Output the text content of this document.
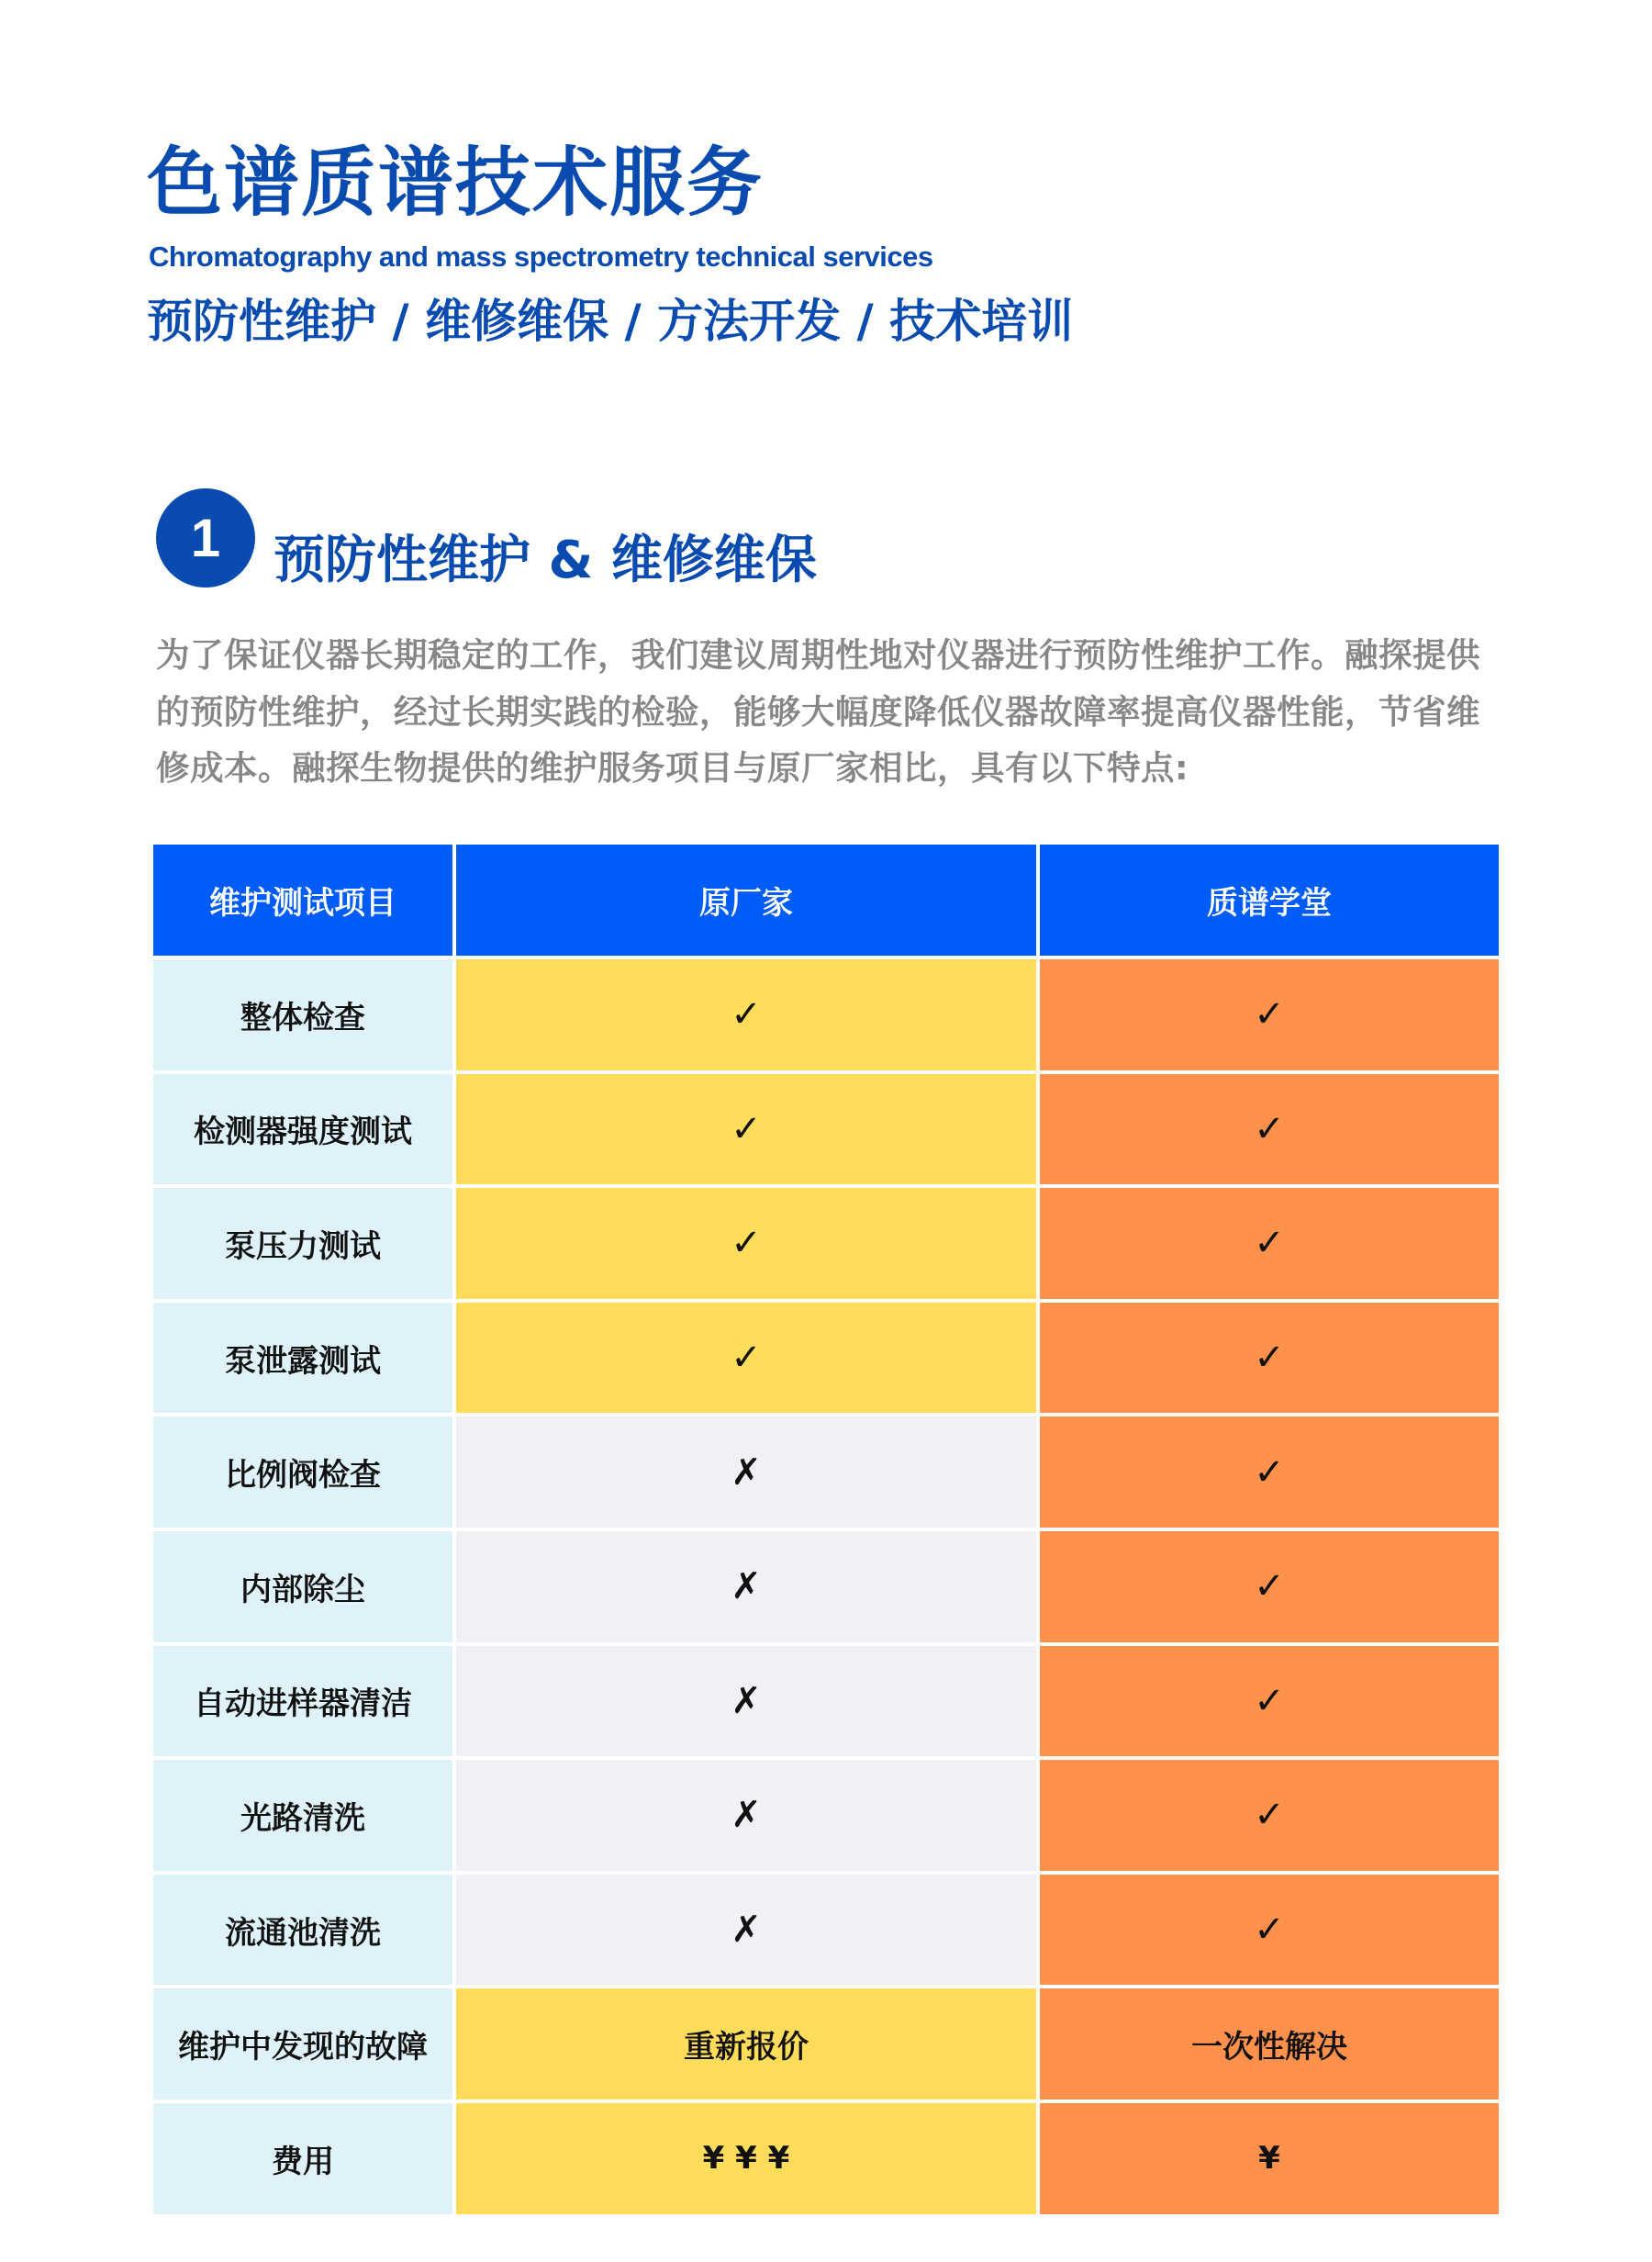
色谱质谱技术服务
Chromatography and mass spectrometry technical services
预防性维护 / 维修维保 / 方法开发 / 技术培训
1	预防性维护 & 维修维保
为了保证仪器长期稳定的工作，我们建议周期性地对仪器进行预防性维护工作。融探提供的预防性维护，经过长期实践的检验，能够大幅度降低仪器故障率提高仪器性能，节省维修成本。融探生物提供的维护服务项目与原厂家相比，具有以下特点:
维护测试项目	原厂家	质谱学堂
整体检查	✓	✓
检测器强度测试	✓	✓
泵压力测试	✓	✓
泵泄露测试	✓	✓
比例阀检查	✗	✓
内部除尘	✗	✓
自动进样器清洁	✗	✓
光路清洗	✗	✓
流通池清洗	✗	✓
维护中发现的故障	重新报价	一次性解决
费用	¥ ¥ ¥	¥
